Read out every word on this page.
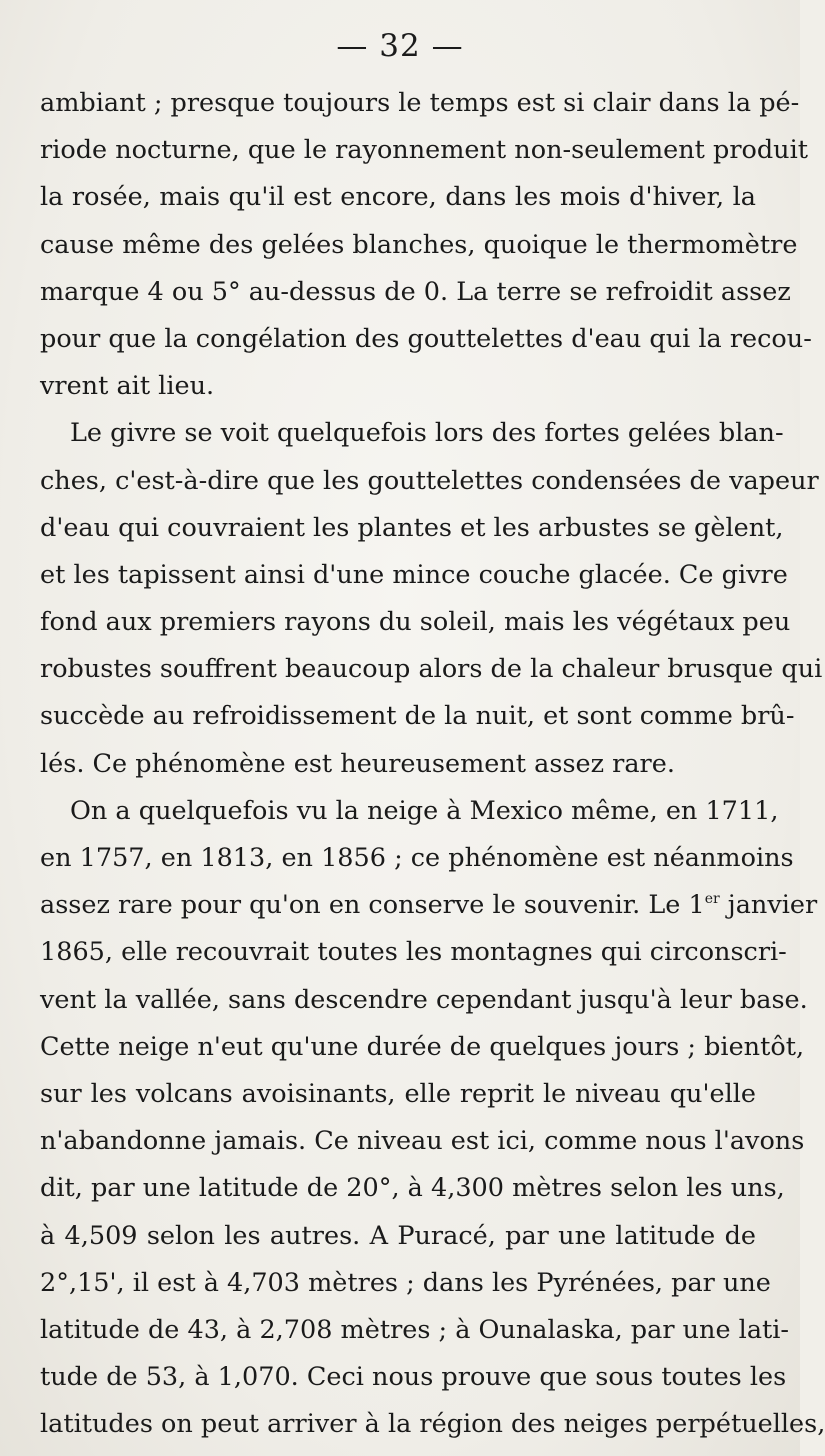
— 32 —
ambiant ; presque toujours le temps est si clair dans la pé-
riode nocturne, que le rayonnement non-seulement produit
la rosée, mais qu'il est encore, dans les mois d'hiver, la
cause même des gelées blanches, quoique le thermomètre
marque 4 ou 5° au-dessus de 0. La terre se refroidit assez
pour que la congélation des gouttelettes d'eau qui la recou-
vrent ait lieu.
Le givre se voit quelquefois lors des fortes gelées blan-
ches, c'est-à-dire que les gouttelettes condensées de vapeur
d'eau qui couvraient les plantes et les arbustes se gèlent,
et les tapissent ainsi d'une mince couche glacée. Ce givre
fond aux premiers rayons du soleil, mais les végétaux peu
robustes souffrent beaucoup alors de la chaleur brusque qui
succède au refroidissement de la nuit, et sont comme brû-
lés. Ce phénomène est heureusement assez rare.
On a quelquefois vu la neige à Mexico même, en 1711,
en 1757, en 1813, en 1856 ; ce phénomène est néanmoins
assez rare pour qu'on en conserve le souvenir. Le 1er janvier
1865, elle recouvrait toutes les montagnes qui circonscri-
vent la vallée, sans descendre cependant jusqu'à leur base.
Cette neige n'eut qu'une durée de quelques jours ; bientôt,
sur les volcans avoisinants, elle reprit le niveau qu'elle
n'abandonne jamais. Ce niveau est ici, comme nous l'avons
dit, par une latitude de 20°, à 4,300 mètres selon les uns,
à 4,509 selon les autres. A Puracé, par une latitude de
2°,15', il est à 4,703 mètres ; dans les Pyrénées, par une
latitude de 43, à 2,708 mètres ; à Ounalaska, par une lati-
tude de 53, à 1,070. Ceci nous prouve que sous toutes les
latitudes on peut arriver à la région des neiges perpétuelles,
